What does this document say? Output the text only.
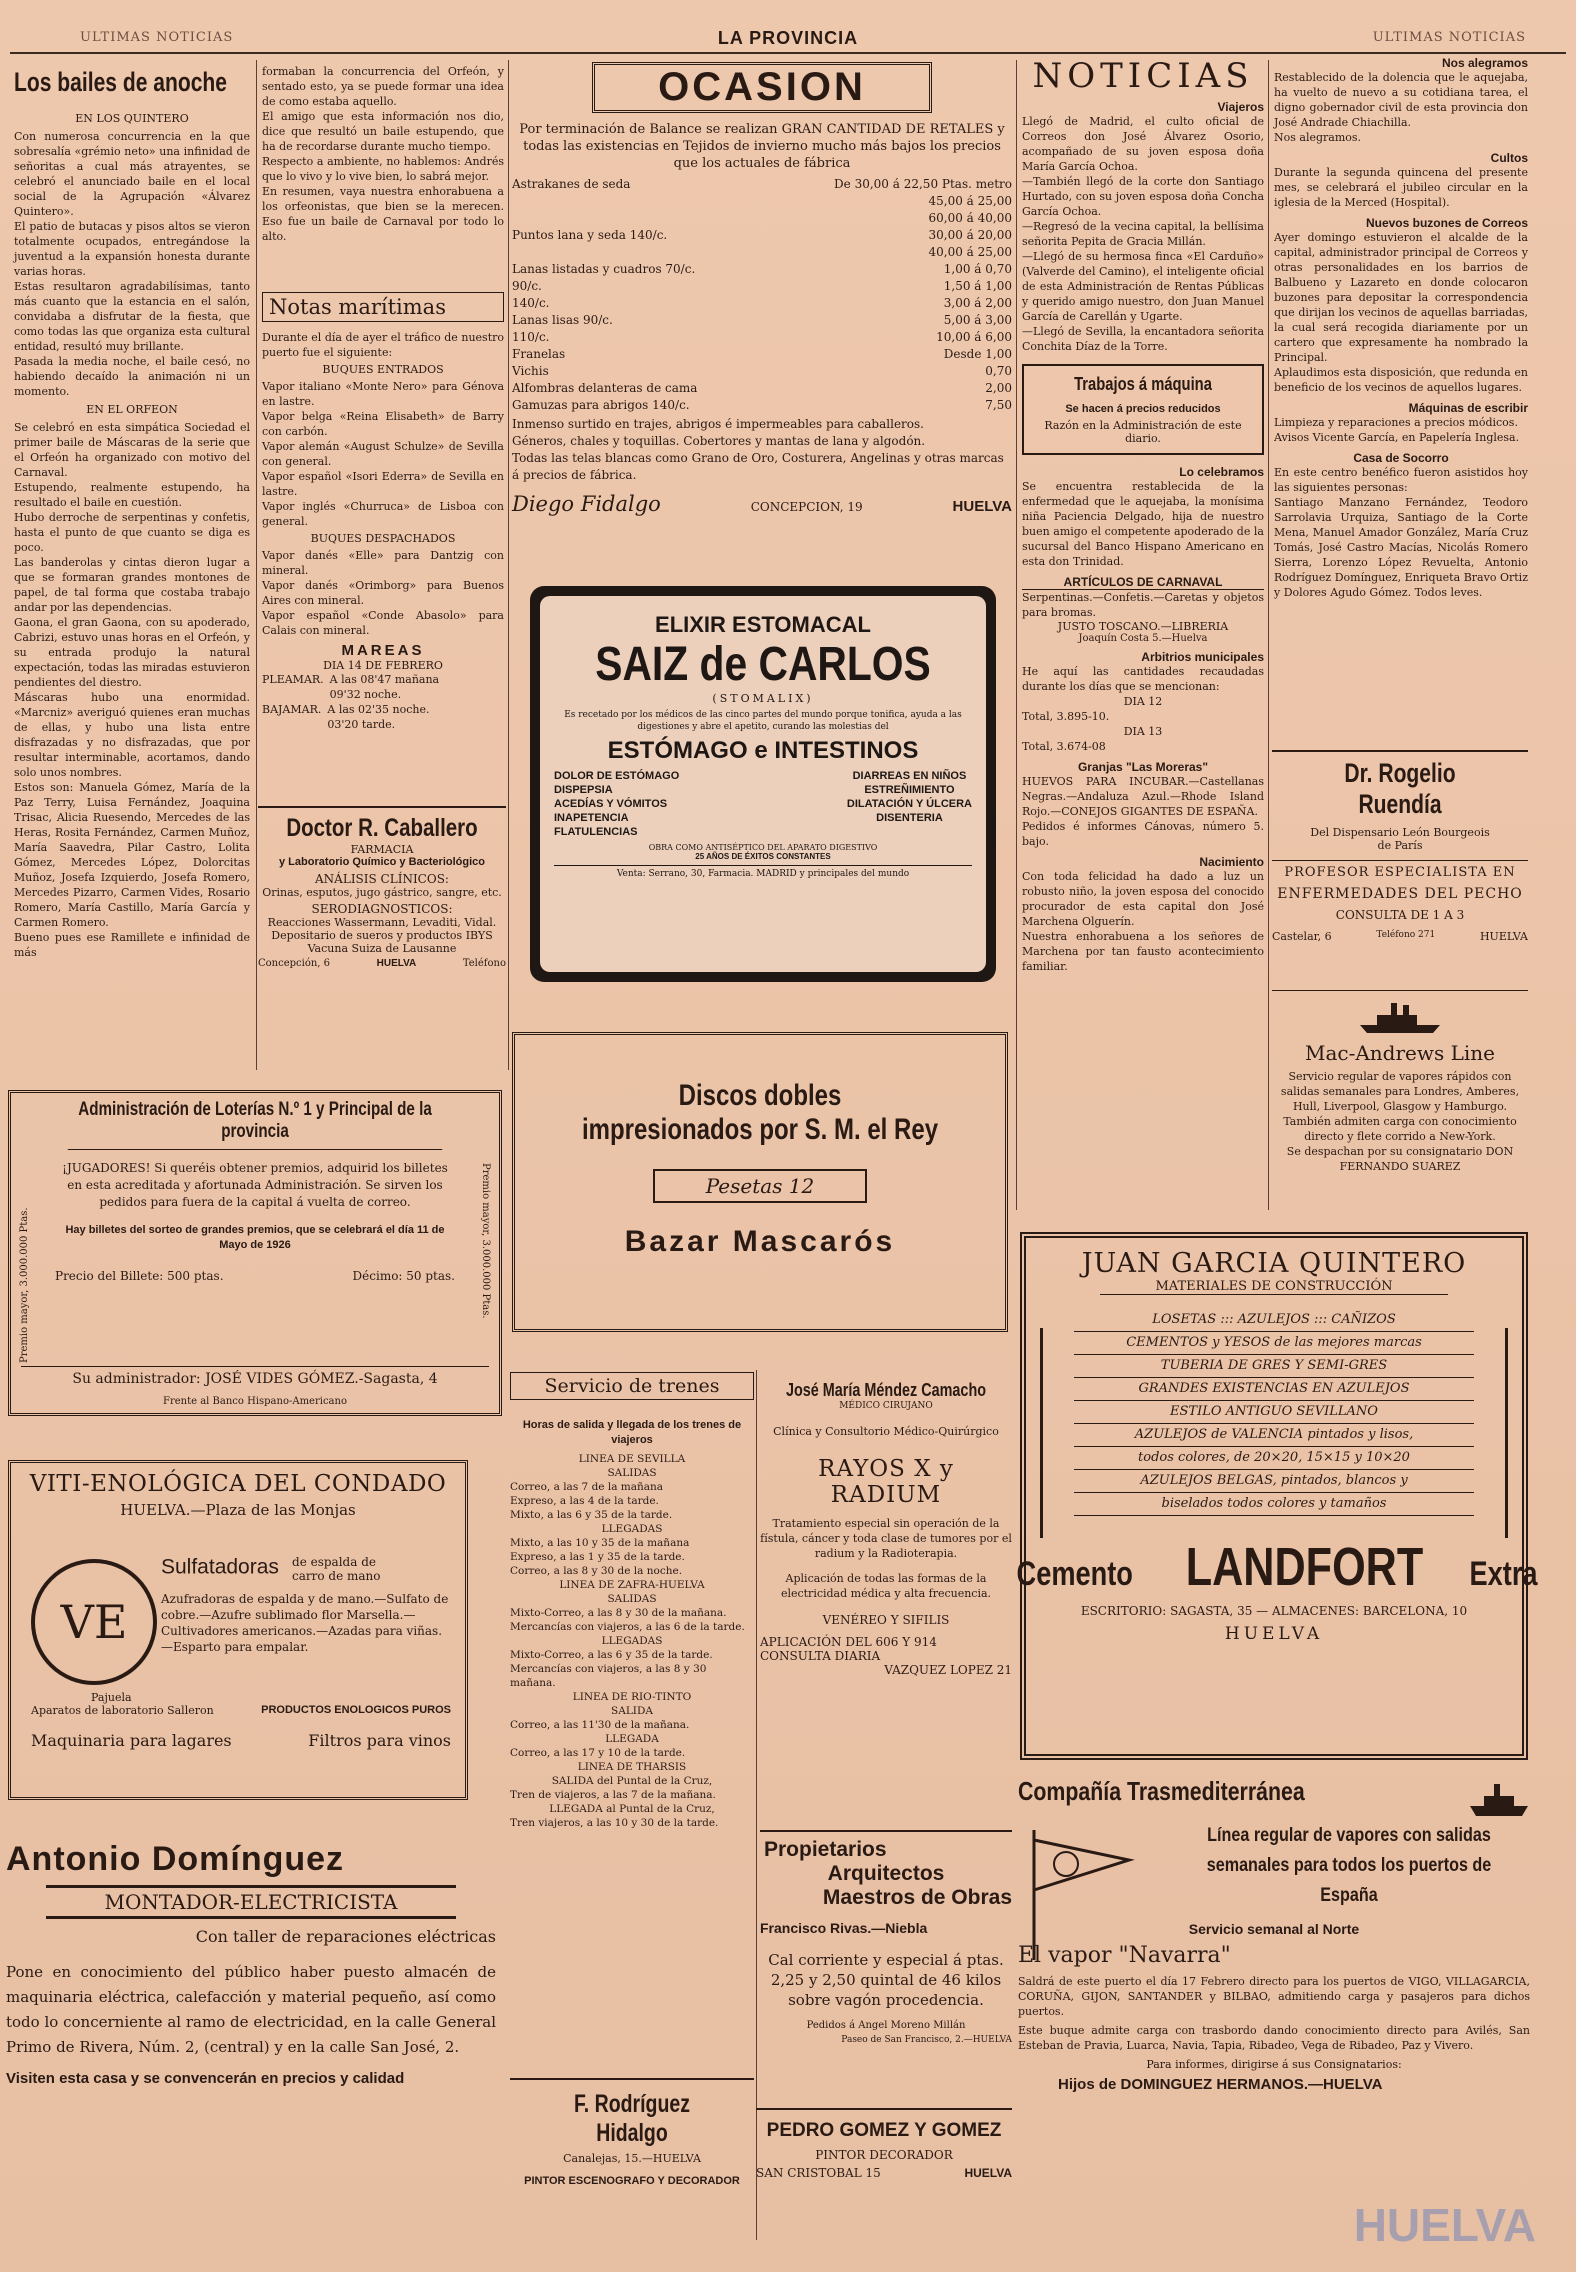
ULTIMAS NOTICIAS	LA PROVINCIA	ULTIMAS NOTICIAS
Los bailes de anoche
EN LOS QUINTERO

Con numerosa concurrencia en la que sobresalía «grémio neto» una infinidad de señoritas a cual más atrayentes, se celebró el anunciado baile en el local social de la Agrupación «Álvarez Quintero».

El patio de butacas y pisos altos se vieron totalmente ocupados, entregándose la juventud a la expansión honesta durante varias horas.

Estas resultaron agradabilísimas, tanto más cuanto que la estancia en el salón, convidaba a disfrutar de la fiesta, que como todas las que organiza esta cultural entidad, resultó muy brillante.

Pasada la media noche, el baile cesó, no habiendo decaído la animación ni un momento.

EN EL ORFEON

Se celebró en esta simpática Sociedad el primer baile de Máscaras de la serie que el Orfeón ha organizado con motivo del Carnaval.

Estupendo, realmente estupendo, ha resultado el baile en cuestión.

Hubo derroche de serpentinas y confetis, hasta el punto de que cuanto se diga es poco.

Las banderolas y cintas dieron lugar a que se formaran grandes montones de papel, de tal forma que costaba trabajo andar por las dependencias.

Gaona, el gran Gaona, con su apoderado, Cabrizi, estuvo unas horas en el Orfeón, y su entrada produjo la natural expectación, todas las miradas estuvieron pendientes del diestro.

Máscaras hubo una enormidad. «Marcniz» averiguó quienes eran muchas de ellas, y hubo una lista entre disfrazadas y no disfrazadas, que por resultar interminable, acortamos, dando solo unos nombres.

Estos son: Manuela Gómez, María de la Paz Terry, Luisa Fernández, Joaquina Trisac, Alicia Ruesendo, Mercedes de las Heras, Rosita Fernández, Carmen Muñoz, María Saavedra, Pilar Castro, Lolita Gómez, Mercedes López, Dolorcitas Muñoz, Josefa Izquierdo, Josefa Romero, Mercedes Pizarro, Carmen Vides, Rosario Romero, María Castillo, María García y Carmen Romero.

Bueno pues ese Ramillete e infinidad de más

formaban la concurrencia del Orfeón, y sentado esto, ya se puede formar una idea de como estaba aquello.

El amigo que esta información nos dio, dice que resultó un baile estupendo, que ha de recordarse durante mucho tiempo.

Respecto a ambiente, no hablemos: Andrés que lo vivo y lo vive bien, lo sabrá mejor.

En resumen, vaya nuestra enhorabuena a los orfeonistas, que bien se la merecen. Eso fue un baile de Carnaval por todo lo alto.

Notas marítimas

Durante el día de ayer el tráfico de nuestro puerto fue el siguiente:

BUQUES ENTRADOS

Vapor italiano «Monte Nero» para Génova en lastre.

Vapor belga «Reina Elisabeth» de Barry con carbón.

Vapor alemán «August Schulze» de Sevilla con general.

Vapor español «Isori Ederra» de Sevilla en lastre.

Vapor inglés «Churruca» de Lisboa con general.

BUQUES DESPACHADOS

Vapor danés «Elle» para Dantzig con mineral.

Vapor danés «Orimborg» para Buenos Aires con mineral.

Vapor español «Conde Abasolo» para Calais con mineral.

MAREAS
DIA 14 DE FEBRERO
PLEAMAR. A las 08'47 mañana
09'32 noche.
BAJAMAR. A las 02'35 noche.
03'20 tarde.
Doctor R. Caballero
FARMACIA
y Laboratorio Químico y Bacteriológico
ANÁLISIS CLÍNICOS:
Orinas, esputos, jugo gástrico, sangre, etc.
SERODIAGNOSTICOS:
Reacciones Wassermann, Levaditi, Vidal.
Depositario de sueros y productos IBYS
Vacuna Suiza de Lausanne
Concepción, 6	HUELVA	Teléfono
Administración de Loterías N.º 1 y Principal de la provincia
Premio mayor, 3.000.000 Ptas.	Premio mayor, 3.000.000 Ptas.

¡JUGADORES! Si queréis obtener premios, adquirid los billetes en esta acreditada y afortunada Administración. Se sirven los pedidos para fuera de la capital á vuelta de correo.

Hay billetes del sorteo de grandes premios, que se celebrará el día 11 de Mayo de 1926

Precio del Billete: 500 ptas.	Décimo: 50 ptas.
Su administrador: JOSÉ VIDES GÓMEZ.-Sagasta, 4
Frente al Banco Hispano-Americano
VITI-ENOLÓGICA DEL CONDADO
HUELVA.—Plaza de las Monjas
VE
Sulfatadoras de espalda de carro de mano

Azufradoras de espalda y de mano.—Sulfato de cobre.—Azufre sublimado flor Marsella.—Cultivadores americanos.—Azadas para viñas.—Esparto para empalar.

Pajuela
Aparatos de laboratorio Salleron	PRODUCTOS ENOLOGICOS PUROS
Maquinaria para lagares	Filtros para vinos
Antonio Domínguez
MONTADOR-ELECTRICISTA
Con taller de reparaciones eléctricas

Pone en conocimiento del público haber puesto almacén de maquinaria eléctrica, calefacción y material pequeño, así como todo lo concerniente al ramo de electricidad, en la calle General Primo de Rivera, Núm. 2, (central) y en la calle San José, 2.

Visiten esta casa y se convencerán en precios y calidad
OCASION

Por terminación de Balance se realizan GRAN CANTIDAD DE RETALES y todas las existencias en Tejidos de invierno mucho más bajos los precios que los actuales de fábrica

Astrakanes de seda	De 30,00 á 22,50 Ptas. metro
45,00 á 25,00
60,00 á 40,00
Puntos lana y seda 140/c.	30,00 á 20,00
40,00 á 25,00
Lanas listadas y cuadros 70/c.	1,00 á 0,70
90/c.	1,50 á 1,00
140/c.	3,00 á 2,00
Lanas lisas 90/c.	5,00 á 3,00
110/c.	10,00 á 6,00
Franelas	Desde 1,00
Vichis	0,70
Alfombras delanteras de cama	2,00
Gamuzas para abrigos 140/c.	7,50

Inmenso surtido en trajes, abrigos é impermeables para caballeros.

Géneros, chales y toquillas. Cobertores y mantas de lana y algodón.

Todas las telas blancas como Grano de Oro, Costurera, Angelinas y otras marcas á precios de fábrica.

Diego Fidalgo	CONCEPCION, 19	HUELVA
ELIXIR ESTOMACAL
SAIZ de CARLOS
(STOMALIX)

Es recetado por los médicos de las cinco partes del mundo porque tonifica, ayuda a las digestiones y abre el apetito, curando las molestias del

ESTÓMAGO e INTESTINOS
DOLOR DE ESTÓMAGO
DISPEPSIA
ACEDÍAS Y VÓMITOS
INAPETENCIA
FLATULENCIAS
DIARREAS EN NIÑOS
ESTREÑIMIENTO
DILATACIÓN Y ÚLCERA
DISENTERIA

OBRA COMO ANTISÉPTICO DEL APARATO DIGESTIVO

25 AÑOS DE ÉXITOS CONSTANTES

Venta: Serrano, 30, Farmacia. MADRID y principales del mundo

Discos dobles
impresionados por S. M. el Rey
Pesetas 12
Bazar Mascarós
Servicio de trenes

Horas de salida y llegada de los trenes de viajeros

LINEA DE SEVILLA
SALIDAS
Correo, a las 7 de la mañana
Expreso, a las 4 de la tarde.
Mixto, a las 6 y 35 de la tarde.
LLEGADAS
Mixto, a las 10 y 35 de la mañana
Expreso, a las 1 y 35 de la tarde.
Correo, a las 8 y 30 de la noche.
LINEA DE ZAFRA-HUELVA
SALIDAS
Mixto-Correo, a las 8 y 30 de la mañana.
Mercancías con viajeros, a las 6 de la tarde.
LLEGADAS
Mixto-Correo, a las 6 y 35 de la tarde.
Mercancías con viajeros, a las 8 y 30 mañana.
LINEA DE RIO-TINTO
SALIDA
Correo, a las 11'30 de la mañana.
LLEGADA
Correo, a las 17 y 10 de la tarde.
LINEA DE THARSIS
SALIDA del Puntal de la Cruz,
Tren de viajeros, a las 7 de la mañana.
LLEGADA al Puntal de la Cruz,
Tren viajeros, a las 10 y 30 de la tarde.
F. Rodríguez Hidalgo
Canalejas, 15.—HUELVA
PINTOR ESCENOGRAFO Y DECORADOR
José María Méndez Camacho
MÉDICO CIRUJANO
Clínica y Consultorio Médico-Quirúrgico
RAYOS X y RADIUM

Tratamiento especial sin operación de la fístula, cáncer y toda clase de tumores por el radium y la Radioterapia.

Aplicación de todas las formas de la electricidad médica y alta frecuencia.

VENÉREO Y SIFILIS
APLICACIÓN DEL 606 Y 914
CONSULTA DIARIA
VAZQUEZ LOPEZ 21
Propietarios
Arquitectos
Maestros de Obras
Francisco Rivas.—Niebla

Cal corriente y especial á ptas. 2,25 y 2,50 quintal de 46 kilos sobre vagón procedencia.

Pedidos á Angel Moreno Millán
Paseo de San Francisco, 2.—HUELVA
PEDRO GOMEZ Y GOMEZ
PINTOR DECORADOR
SAN CRISTOBAL 15	HUELVA
NOTICIAS
Viajeros

Llegó de Madrid, el culto oficial de Correos don José Álvarez Osorio, acompañado de su joven esposa doña María García Ochoa.

—También llegó de la corte don Santiago Hurtado, con su joven esposa doña Concha García Ochoa.

—Regresó de la vecina capital, la bellísima señorita Pepita de Gracia Millán.

—Llegó de su hermosa finca «El Carduño» (Valverde del Camino), el inteligente oficial de esta Administración de Rentas Públicas y querido amigo nuestro, don Juan Manuel García de Carellán y Ugarte.

—Llegó de Sevilla, la encantadora señorita Conchita Díaz de la Torre.

Trabajos á máquina
Se hacen á precios reducidos
Razón en la Administración de este diario.
Lo celebramos

Se encuentra restablecida de la enfermedad que le aquejaba, la monísima niña Paciencia Delgado, hija de nuestro buen amigo el competente apoderado de la sucursal del Banco Hispano Americano en esta don Trinidad.

ARTÍCULOS DE CARNAVAL

Serpentinas.—Confetis.—Caretas y objetos para bromas.

JUSTO TOSCANO.—LIBRERIA
Joaquín Costa 5.—Huelva
Arbitrios municipales

He aquí las cantidades recaudadas durante los días que se mencionan:

DIA 12
Total, 3.895-10.
DIA 13
Total, 3.674-08
Granjas "Las Moreras"

HUEVOS PARA INCUBAR.—Castellanas Negras.—Andaluza Azul.—Rhode Island Rojo.—CONEJOS GIGANTES DE ESPAÑA.

Pedidos é informes Cánovas, número 5. bajo.

Nacimiento

Con toda felicidad ha dado a luz un robusto niño, la joven esposa del conocido procurador de esta capital don José Marchena Olguerín.

Nuestra enhorabuena a los señores de Marchena por tan fausto acontecimiento familiar.

Nos alegramos

Restablecido de la dolencia que le aquejaba, ha vuelto de nuevo a su cotidiana tarea, el digno gobernador civil de esta provincia don José Andrade Chiachilla.

Nos alegramos.

Cultos

Durante la segunda quincena del presente mes, se celebrará el jubileo circular en la iglesia de la Merced (Hospital).

Nuevos buzones de Correos

Ayer domingo estuvieron el alcalde de la capital, administrador principal de Correos y otras personalidades en los barrios de Balbueno y Lazareto en donde colocaron buzones para depositar la correspondencia que dirijan los vecinos de aquellas barriadas, la cual será recogida diariamente por un cartero que expresamente ha nombrado la Principal.

Aplaudimos esta disposición, que redunda en beneficio de los vecinos de aquellos lugares.

Máquinas de escribir

Limpieza y reparaciones a precios módicos.

Avisos Vicente García, en Papelería Inglesa.

Casa de Socorro

En este centro benéfico fueron asistidos hoy las siguientes personas:

Santiago Manzano Fernández, Teodoro Sarrolavia Urquiza, Santiago de la Corte Mena, Manuel Amador González, María Cruz Tomás, José Castro Macías, Nicolás Romero Sierra, Lorenzo López Revuelta, Antonio Rodríguez Domínguez, Enriqueta Bravo Ortiz y Dolores Agudo Gómez. Todos leves.

Dr. Rogelio Ruendía
Del Dispensario León Bourgeois
de París
PROFESOR ESPECIALISTA EN
ENFERMEDADES DEL PECHO
CONSULTA DE 1 A 3
Castelar, 6	Teléfono 271	HUELVA
Mac-Andrews Line

Servicio regular de vapores rápidos con salidas semanales para Londres, Amberes, Hull, Liverpool, Glasgow y Hamburgo. También admiten carga con conocimiento directo y flete corrido a New-York.

Se despachan por su consignatario DON FERNANDO SUAREZ

JUAN GARCIA QUINTERO
MATERIALES DE CONSTRUCCIÓN
LOSETAS ::: AZULEJOS ::: CAÑIZOS
CEMENTOS y YESOS de las mejores marcas
TUBERIA DE GRES Y SEMI-GRES
GRANDES EXISTENCIAS EN AZULEJOS
ESTILO ANTIGUO SEVILLANO
AZULEJOS de VALENCIA pintados y lisos,
todos colores, de 20×20, 15×15 y 10×20
AZULEJOS BELGAS, pintados, blancos y
biselados todos colores y tamaños
Cemento LANDFORT Extra
ESCRITORIO: SAGASTA, 35 — ALMACENES: BARCELONA, 10
HUELVA
Compañía Trasmediterránea

Línea regular de vapores con salidas semanales para todos los puertos de España

Servicio semanal al Norte
El vapor "Navarra"

Saldrá de este puerto el día 17 Febrero directo para los puertos de VIGO, VILLAGARCIA, CORUÑA, GIJON, SANTANDER y BILBAO, admitiendo carga y pasajeros para dichos puertos.

Este buque admite carga con trasbordo dando conocimiento directo para Avilés, San Esteban de Pravia, Luarca, Navia, Tapia, Ribadeo, Vega de Ribadeo, Paz y Vivero.

Para informes, dirigirse á sus Consignatarios:
Hijos de DOMINGUEZ HERMANOS.—HUELVA
HUELVA
